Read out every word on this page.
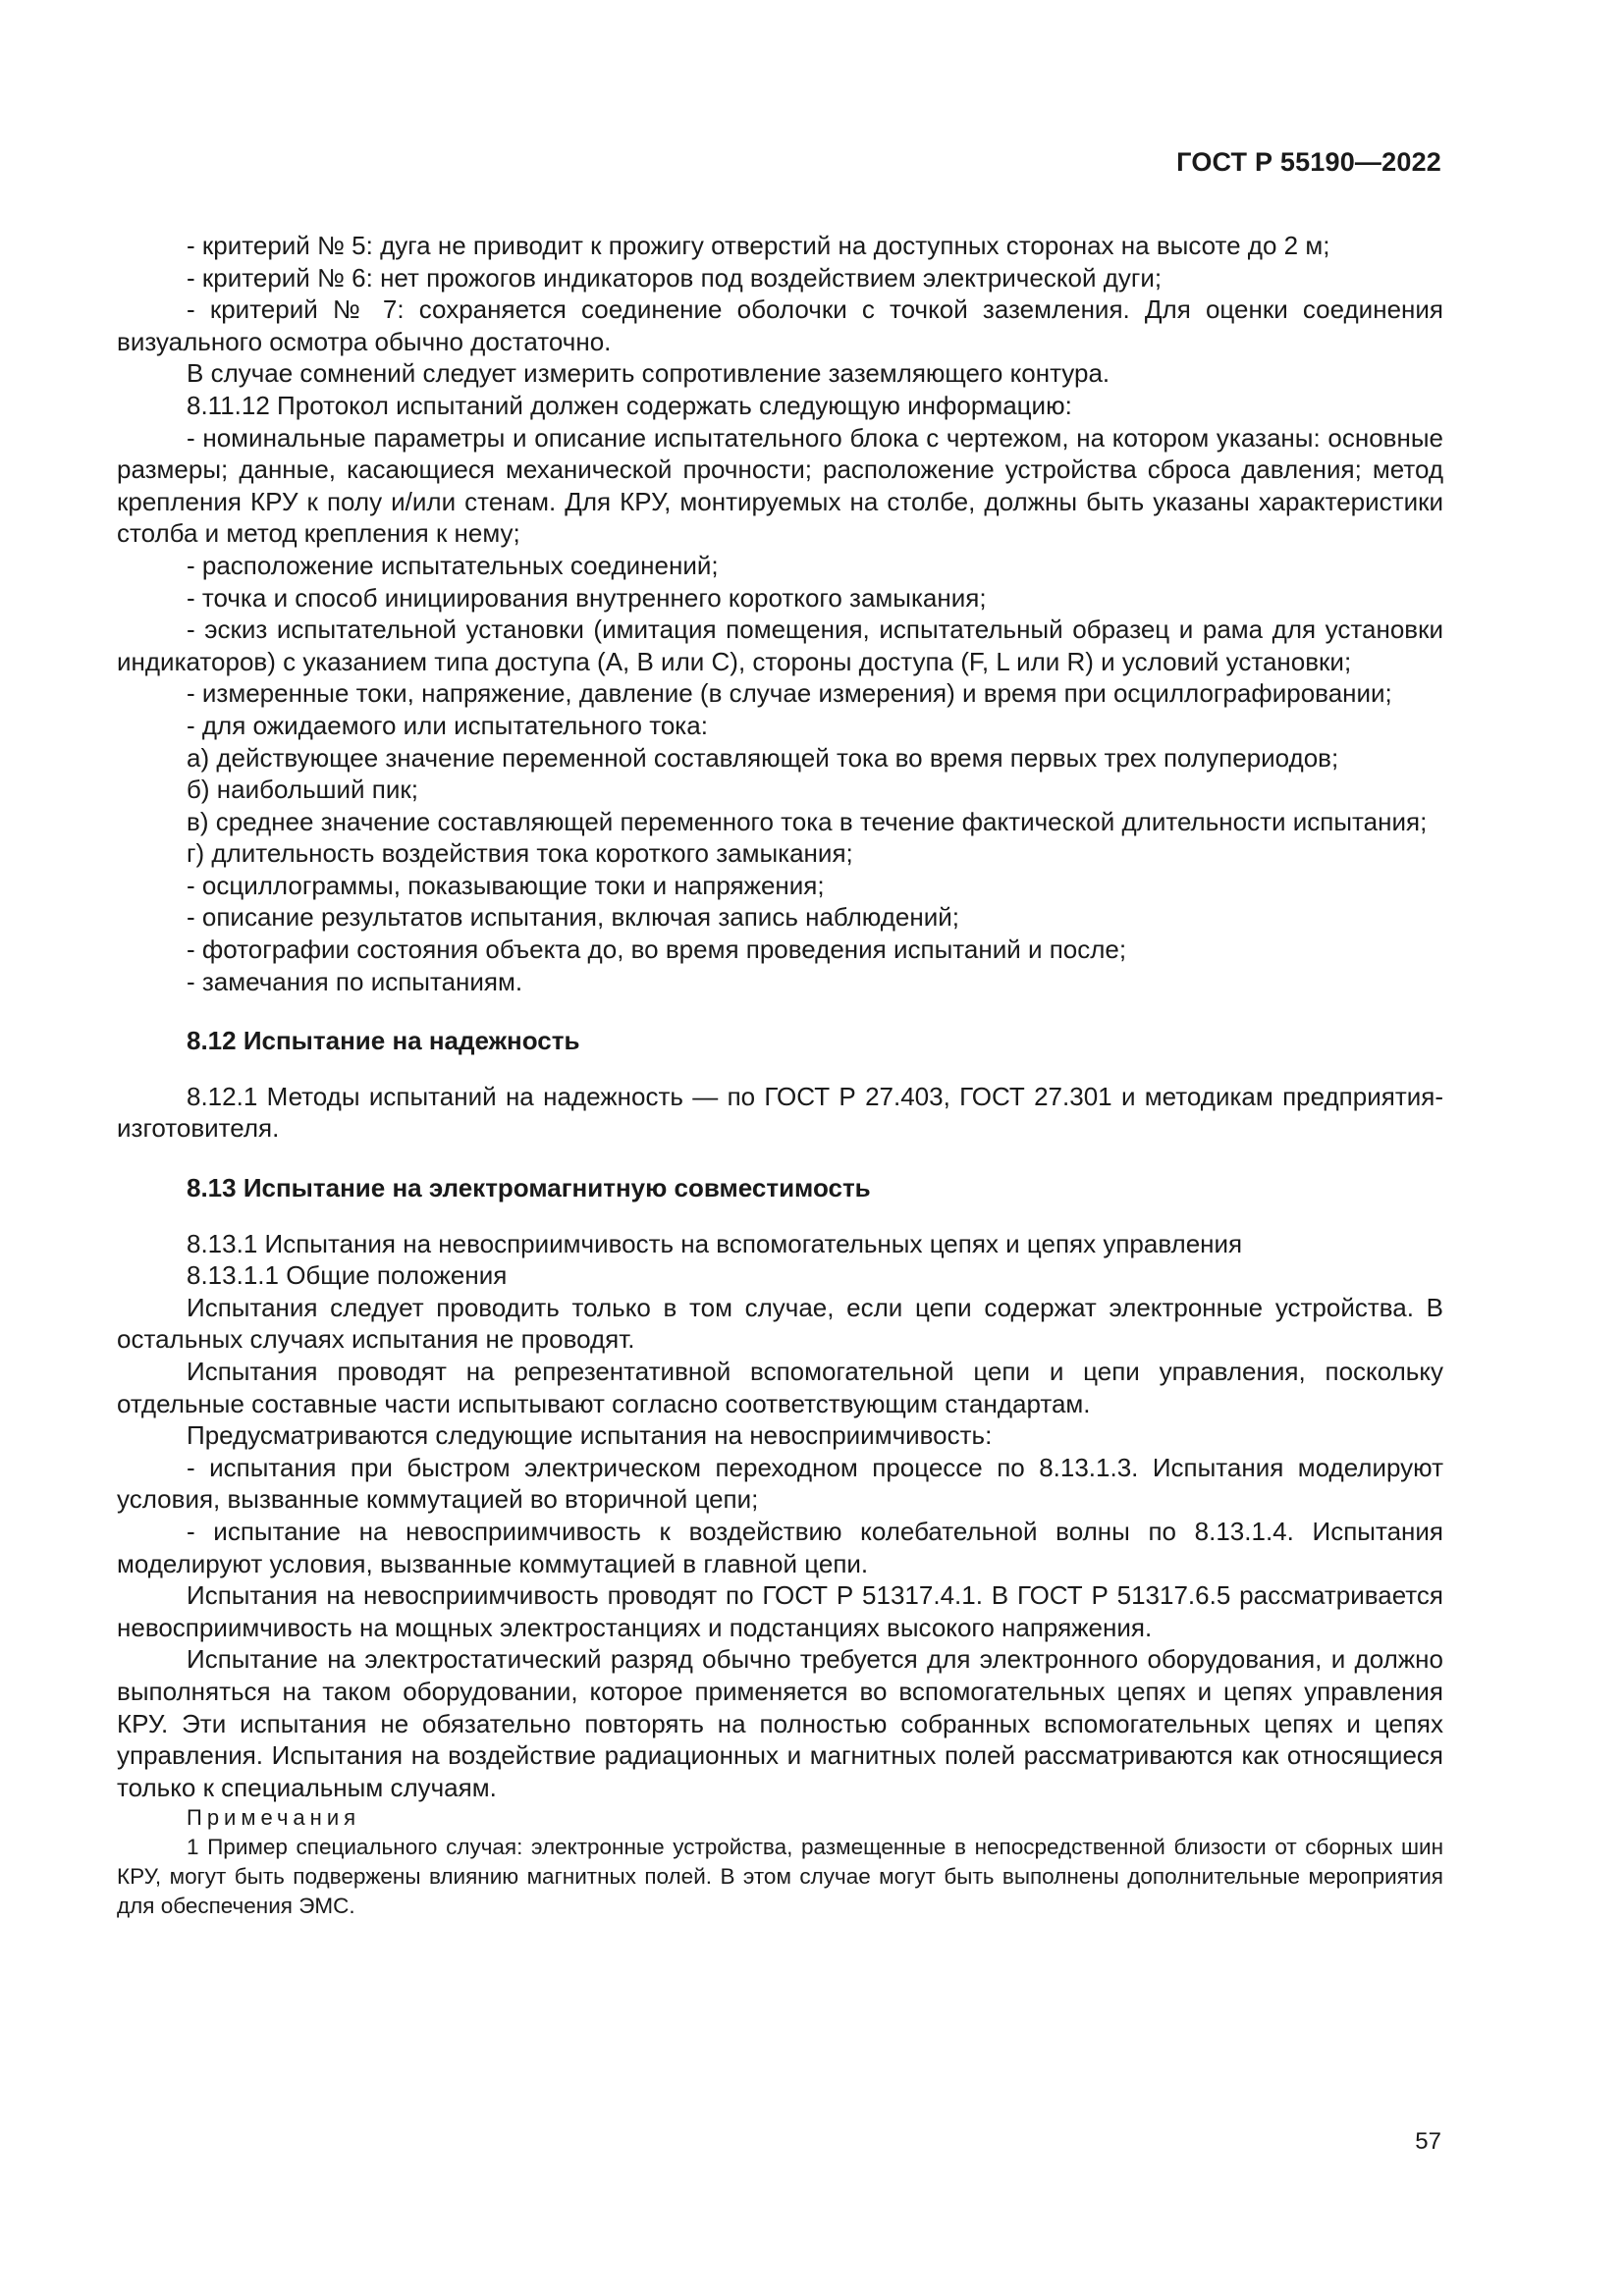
ГОСТ Р 55190—2022

- критерий № 5: дуга не приводит к прожигу отверстий на доступных сторонах на высоте до 2 м;

- критерий № 6: нет прожогов индикаторов под воздействием электрической дуги;

- критерий № 7: сохраняется соединение оболочки с точкой заземления. Для оценки соединения визуального осмотра обычно достаточно.

В случае сомнений следует измерить сопротивление заземляющего контура.

8.11.12 Протокол испытаний должен содержать следующую информацию:

- номинальные параметры и описание испытательного блока с чертежом, на котором указаны: основные размеры; данные, касающиеся механической прочности; расположение устройства сброса давления; метод крепления КРУ к полу и/или стенам. Для КРУ, монтируемых на столбе, должны быть указаны характеристики столба и метод крепления к нему;

- расположение испытательных соединений;

- точка и способ инициирования внутреннего короткого замыкания;

- эскиз испытательной установки (имитация помещения, испытательный образец и рама для установки индикаторов) с указанием типа доступа (А, В или С), стороны доступа (F, L или R) и условий установки;

- измеренные токи, напряжение, давление (в случае измерения) и время при осциллографировании;

- для ожидаемого или испытательного тока:

а) действующее значение переменной составляющей тока во время первых трех полупериодов;

б) наибольший пик;

в) среднее значение составляющей переменного тока в течение фактической длительности испытания;

г) длительность воздействия тока короткого замыкания;

- осциллограммы, показывающие токи и напряжения;

- описание результатов испытания, включая запись наблюдений;

- фотографии состояния объекта до, во время проведения испытаний и после;

- замечания по испытаниям.

8.12 Испытание на надежность

8.12.1 Методы испытаний на надежность — по ГОСТ Р 27.403, ГОСТ 27.301 и методикам предприятия-изготовителя.

8.13 Испытание на электромагнитную совместимость

8.13.1 Испытания на невосприимчивость на вспомогательных цепях и цепях управления

8.13.1.1 Общие положения

Испытания следует проводить только в том случае, если цепи содержат электронные устройства. В остальных случаях испытания не проводят.

Испытания проводят на репрезентативной вспомогательной цепи и цепи управления, поскольку отдельные составные части испытывают согласно соответствующим стандартам.

Предусматриваются следующие испытания на невосприимчивость:

- испытания при быстром электрическом переходном процессе по 8.13.1.3. Испытания моделируют условия, вызванные коммутацией во вторичной цепи;

- испытание на невосприимчивость к воздействию колебательной волны по 8.13.1.4. Испытания моделируют условия, вызванные коммутацией в главной цепи.

Испытания на невосприимчивость проводят по ГОСТ Р 51317.4.1. В ГОСТ Р 51317.6.5 рассматривается невосприимчивость на мощных электростанциях и подстанциях высокого напряжения.

Испытание на электростатический разряд обычно требуется для электронного оборудования, и должно выполняться на таком оборудовании, которое применяется во вспомогательных цепях и цепях управления КРУ. Эти испытания не обязательно повторять на полностью собранных вспомогательных цепях и цепях управления. Испытания на воздействие радиационных и магнитных полей рассматриваются как относящиеся только к специальным случаям.

Примечания

1 Пример специального случая: электронные устройства, размещенные в непосредственной близости от сборных шин КРУ, могут быть подвержены влиянию магнитных полей. В этом случае могут быть выполнены дополнительные мероприятия для обеспечения ЭМС.

57
